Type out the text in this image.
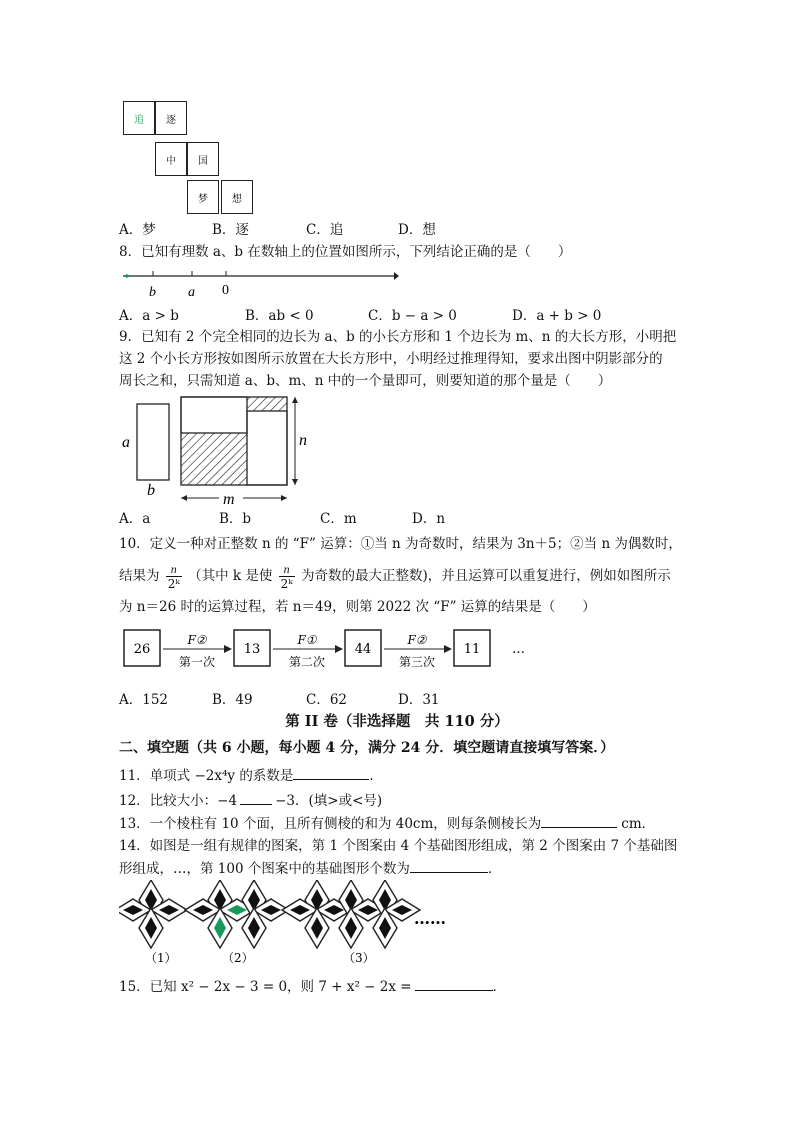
追	逐
中	国
梦	想
A．梦	B．逐	C．追	D．想
8．已知有理数 a、b 在数轴上的位置如图所示，下列结论正确的是（　　）
b a 0
A．a > b	B．ab < 0	C．b − a > 0	D．a + b > 0
9．已知有 2 个完全相同的边长为 a、b 的小长方形和 1 个边长为 m、n 的大长方形，小明把
这 2 个小长方形按如图所示放置在大长方形中，小明经过推理得知，要求出图中阴影部分的
周长之和，只需知道 a、b、m、n 中的一个量即可，则要知道的那个量是（　　）
a
b
n
m
A．a	B．b	C．m	D．n
10．定义一种对正整数 n 的 “F” 运算：①当 n 为奇数时，结果为 3n＋5；②当 n 为偶数时，
结果为 $\frac{n}{\text{2ᵏ}}$ （其中 k 是使 $\frac{n}{\text{2ᵏ}}$ 为奇数的最大正整数)，并且运算可以重复进行，例如如图所示
为 n＝26 时的运算过程，若 n＝49，则第 2022 次 “F” 运算的结果是（　　）
26
F②
第一次
13
F①
第二次
44
F②
第三次
11 …
A．152	B．49	C．62	D．31
第 II 卷（非选择题　共 110 分）
二、填空题（共 6 小题，每小题 4 分，满分 24 分．填空题请直接填写答案．）
11．单项式 −2x⁴y 的系数是	．
12．比较大小：−4	−3．(填>或<号)
13．一个棱柱有 10 个面，且所有侧棱的和为 40cm，则每条侧棱长为	cm．
14．如图是一组有规律的图案，第 1 个图案由 4 个基础图形组成，第 2 个图案由 7 个基础图
形组成，…，第 100 个图案中的基础图形个数为	．
（1）	（2）	（3）
……
15．已知 x² − 2x − 3 = 0，则 7 + x² − 2x =	．
